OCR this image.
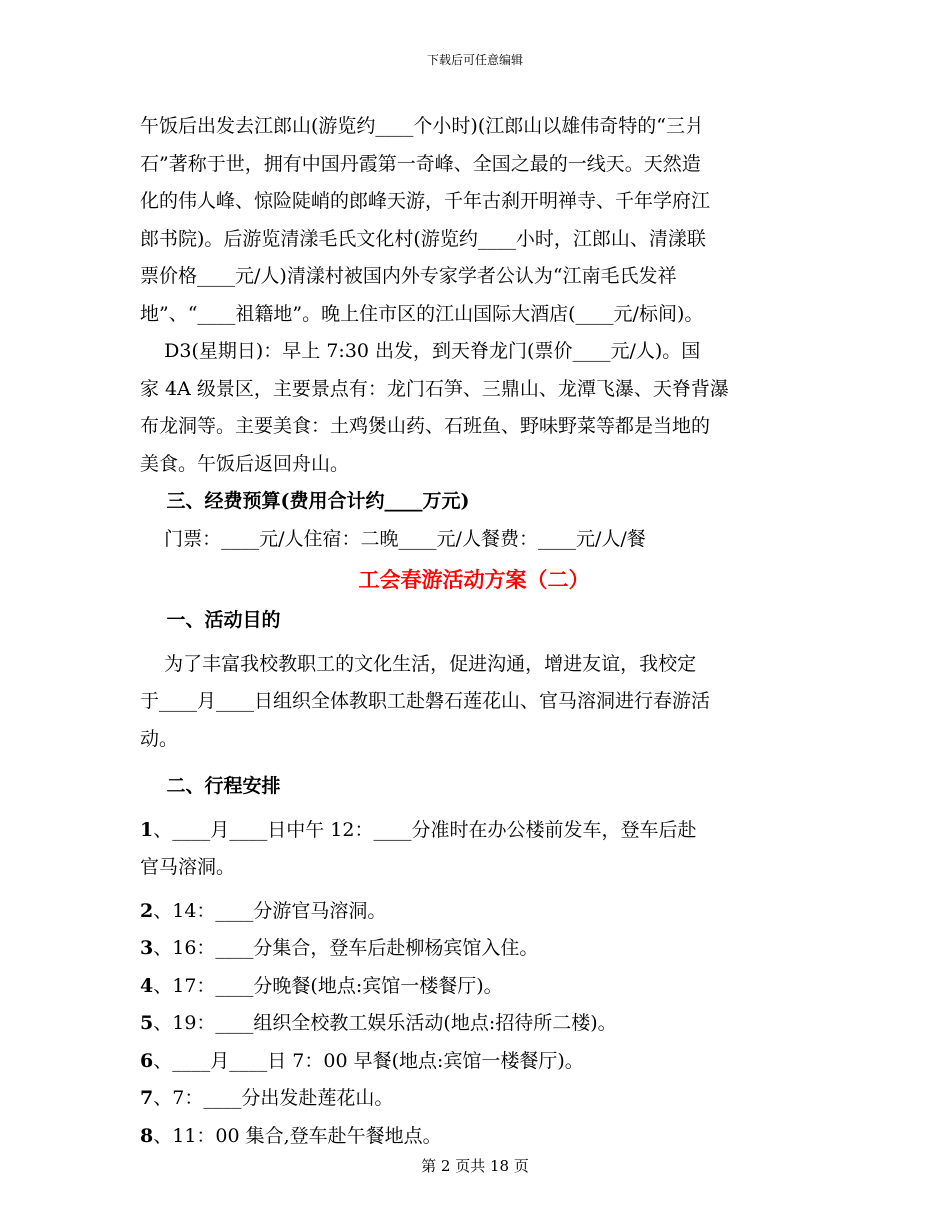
下载后可任意编辑

午饭后出发去江郎山(游览约____个小时)(江郎山以雄伟奇特的“三爿

石”著称于世，拥有中国丹霞第一奇峰、全国之最的一线天。天然造

化的伟人峰、惊险陡峭的郎峰天游，千年古刹开明禅寺、千年学府江

郎书院)。后游览清漾毛氏文化村(游览约____小时，江郎山、清漾联

票价格____元/人)清漾村被国内外专家学者公认为“江南毛氏发祥

地”、“____祖籍地”。晚上住市区的江山国际大酒店(____元/标间)。

D3(星期日)：早上 7:30 出发，到天脊龙门(票价____元/人)。国

家 4A 级景区，主要景点有：龙门石笋、三鼎山、龙潭飞瀑、天脊背瀑

布龙洞等。主要美食：土鸡煲山药、石班鱼、野味野菜等都是当地的

美食。午饭后返回舟山。

三、经费预算(费用合计约____万元)

门票：____元/人住宿：二晚____元/人餐费：____元/人/餐

工会春游活动方案（二）

一、活动目的

为了丰富我校教职工的文化生活，促进沟通，增进友谊，我校定

于____月____日组织全体教职工赴磐石莲花山、官马溶洞进行春游活

动。

二、行程安排

1、____月____日中午 12：____分准时在办公楼前发车，登车后赴

官马溶洞。

2、14：____分游官马溶洞。

3、16：____分集合，登车后赴柳杨宾馆入住。

4、17：____分晚餐(地点:宾馆一楼餐厅)。

5、19：____组织全校教工娱乐活动(地点:招待所二楼)。

6、____月____日 7：00 早餐(地点:宾馆一楼餐厅)。

7、7：____分出发赴莲花山。

8、11：00 集合,登车赴午餐地点。

第 2 页共 18 页
